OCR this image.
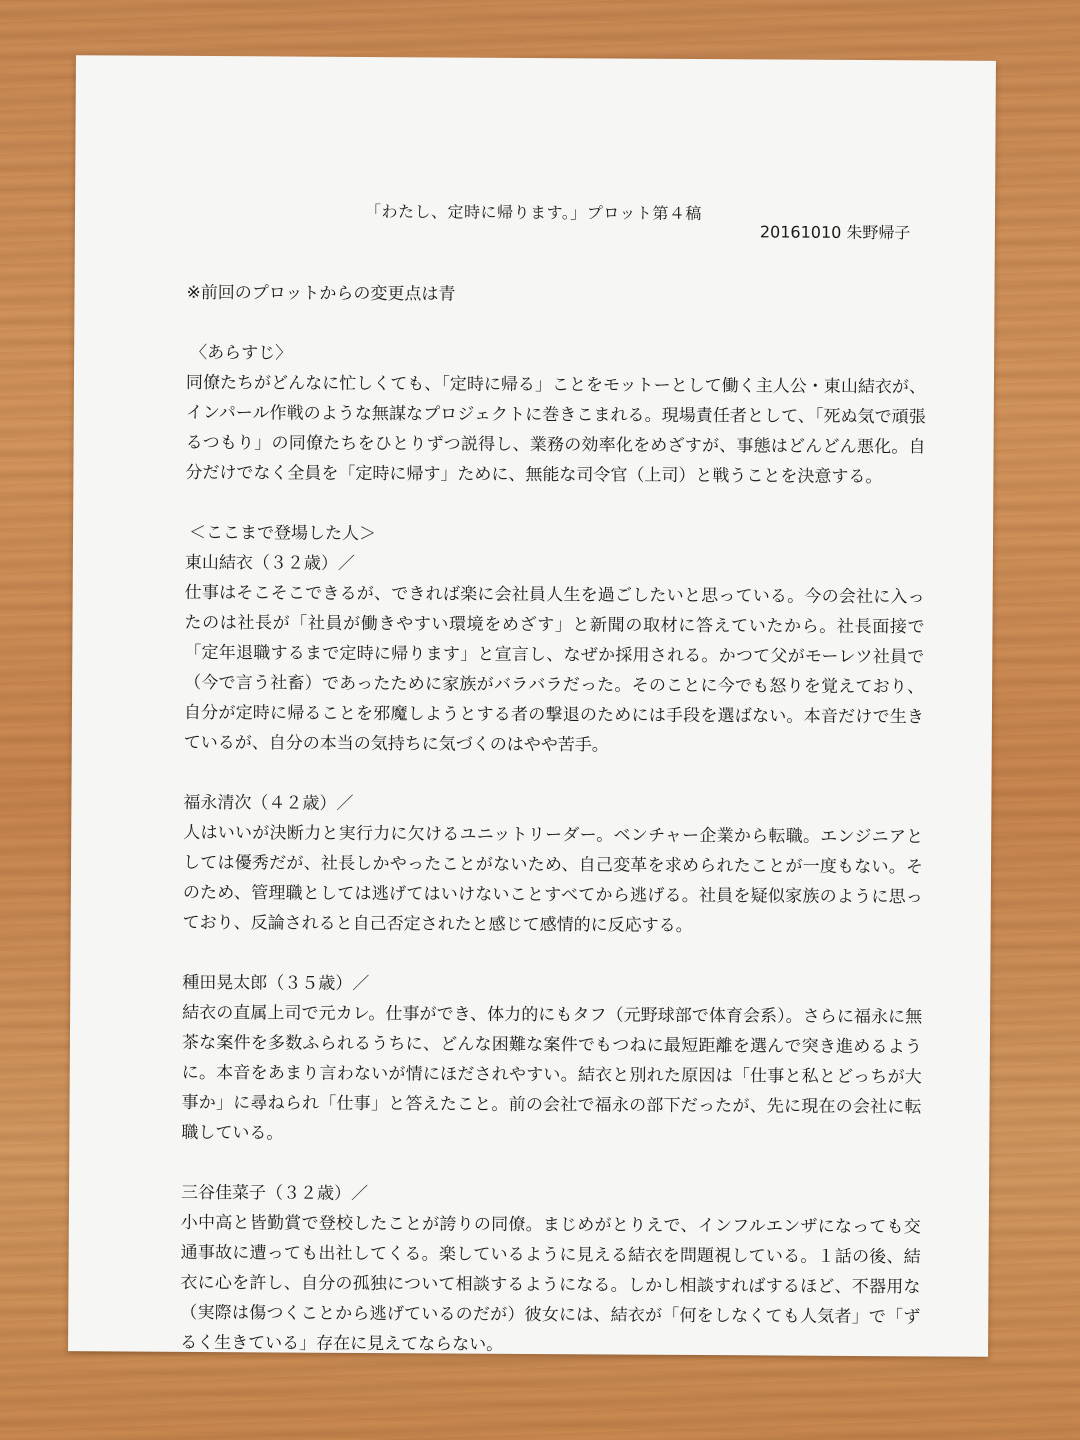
「わたし、定時に帰ります。」プロット第４稿
20161010 朱野帰子

※前回のプロットからの変更点は青

〈あらすじ〉

同僚たちがどんなに忙しくても、「定時に帰る」ことをモットーとして働く主人公・東山結衣が、インパール作戦のような無謀なプロジェクトに巻きこまれる。現場責任者として、「死ぬ気で頑張るつもり」の同僚たちをひとりずつ説得し、業務の効率化をめざすが、事態はどんどん悪化。自分だけでなく全員を「定時に帰す」ために、無能な司令官（上司）と戦うことを決意する。

＜ここまで登場した人＞

東山結衣（３２歳）／

仕事はそこそこできるが、できれば楽に会社員人生を過ごしたいと思っている。今の会社に入ったのは社長が「社員が働きやすい環境をめざす」と新聞の取材に答えていたから。社長面接で「定年退職するまで定時に帰ります」と宣言し、なぜか採用される。かつて父がモーレツ社員で（今で言う社畜）であったために家族がバラバラだった。そのことに今でも怒りを覚えており、自分が定時に帰ることを邪魔しようとする者の撃退のためには手段を選ばない。本音だけで生きているが、自分の本当の気持ちに気づくのはやや苦手。

福永清次（４２歳）／

人はいいが決断力と実行力に欠けるユニットリーダー。ベンチャー企業から転職。エンジニアとしては優秀だが、社長しかやったことがないため、自己変革を求められたことが一度もない。そのため、管理職としては逃げてはいけないことすべてから逃げる。社員を疑似家族のように思っており、反論されると自己否定されたと感じて感情的に反応する。

種田晃太郎（３５歳）／

結衣の直属上司で元カレ。仕事ができ、体力的にもタフ（元野球部で体育会系）。さらに福永に無茶な案件を多数ふられるうちに、どんな困難な案件でもつねに最短距離を選んで突き進めるように。本音をあまり言わないが情にほだされやすい。結衣と別れた原因は「仕事と私とどっちが大事か」に尋ねられ「仕事」と答えたこと。前の会社で福永の部下だったが、先に現在の会社に転職している。

三谷佳菜子（３２歳）／

小中高と皆勤賞で登校したことが誇りの同僚。まじめがとりえで、インフルエンザになっても交通事故に遭っても出社してくる。楽しているように見える結衣を問題視している。１話の後、結衣に心を許し、自分の孤独について相談するようになる。しかし相談すればするほど、不器用な（実際は傷つくことから逃げているのだが）彼女には、結衣が「何をしなくても人気者」で「ずるく生きている」存在に見えてならない。
